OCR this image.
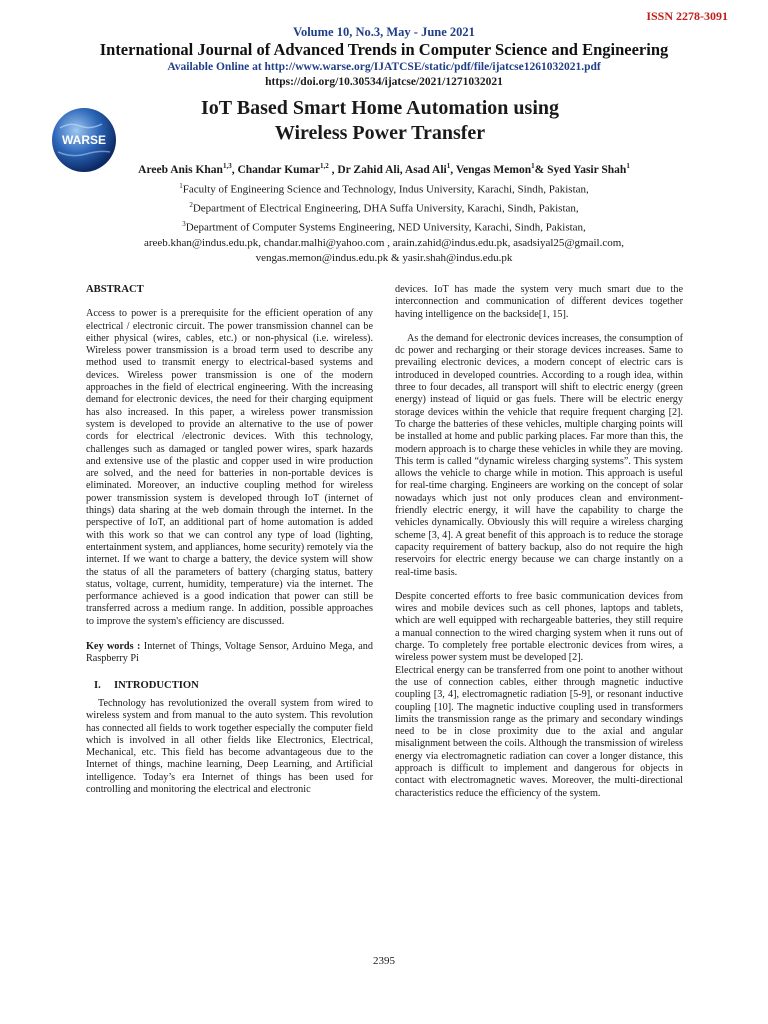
ISSN 2278-3091
Volume 10, No.3, May - June 2021
International Journal of Advanced Trends in Computer Science and Engineering
Available Online at http://www.warse.org/IJATCSE/static/pdf/file/ijatcse1261032021.pdf
https://doi.org/10.30534/ijatcse/2021/1271032021
WARSE
IoT Based Smart Home Automation using
Wireless Power Transfer
Areeb Anis Khan$^{1,3}$, Chandar Kumar$^{1,2}$ , Dr Zahid Ali, Asad Ali$^1$, Vengas Memon$^1$& Syed Yasir Shah$^1$
$^1$Faculty of Engineering Science and Technology, Indus University, Karachi, Sindh, Pakistan,
$^2$Department of Electrical Engineering, DHA Suffa University, Karachi, Sindh, Pakistan,
$^3$Department of Computer Systems Engineering, NED University, Karachi, Sindh, Pakistan,
areeb.khan@indus.edu.pk, chandar.malhi@yahoo.com , arain.zahid@indus.edu.pk, asadsiyal25@gmail.com,
vengas.memon@indus.edu.pk & yasir.shah@indus.edu.pk

ABSTRACT

Access to power is a prerequisite for the efficient operation of any electrical / electronic circuit. The power transmission channel can be either physical (wires, cables, etc.) or non-physical (i.e. wireless). Wireless power transmission is a broad term used to describe any method used to transmit energy to electrical-based systems and devices. Wireless power transmission is one of the modern approaches in the field of electrical engineering. With the increasing demand for electronic devices, the need for their charging equipment has also increased. In this paper, a wireless power transmission system is developed to provide an alternative to the use of power cords for electrical /electronic devices. With this technology, challenges such as damaged or tangled power wires, spark hazards and extensive use of the plastic and copper used in wire production are solved, and the need for batteries in non-portable devices is eliminated. Moreover, an inductive coupling method for wireless power transmission system is developed through IoT (internet of things) data sharing at the web domain through the internet. In the perspective of IoT, an additional part of home automation is added with this work so that we can control any type of load (lighting, entertainment system, and appliances, home security) remotely via the internet. If we want to charge a battery, the device system will show the status of all the parameters of battery (charging status, battery status, voltage, current, humidity, temperature) via the internet. The performance achieved is a good indication that power can still be transferred across a medium range. In addition, possible approaches to improve the system's efficiency are discussed.

Key words : Internet of Things, Voltage Sensor, Arduino Mega, and Raspberry Pi

I. INTRODUCTION

Technology has revolutionized the overall system from wired to wireless system and from manual to the auto system. This revolution has connected all fields to work together especially the computer field which is involved in all other fields like Electronics, Electrical, Mechanical, etc. This field has become advantageous due to the Internet of things, machine learning, Deep Learning, and Artificial intelligence. Today’s era Internet of things has been used for controlling and monitoring the electrical and electronic

devices. IoT has made the system very much smart due to the interconnection and communication of different devices together having intelligence on the backside[1, 15].

As the demand for electronic devices increases, the consumption of dc power and recharging or their storage devices increases. Same to prevailing electronic devices, a modern concept of electric cars is introduced in developed countries. According to a rough idea, within three to four decades, all transport will shift to electric energy (green energy) instead of liquid or gas fuels. There will be electric energy storage devices within the vehicle that require frequent charging [2]. To charge the batteries of these vehicles, multiple charging points will be installed at home and public parking places. Far more than this, the modern approach is to charge these vehicles in while they are moving. This term is called “dynamic wireless charging systems”. This system allows the vehicle to charge while in motion. This approach is useful for real-time charging. Engineers are working on the concept of solar nowadays which just not only produces clean and environment-friendly electric energy, it will have the capability to charge the vehicles dynamically. Obviously this will require a wireless charging scheme [3, 4]. A great benefit of this approach is to reduce the storage capacity requirement of battery backup, also do not require the high reservoirs for electric energy because we can charge instantly on a real-time basis.

Despite concerted efforts to free basic communication devices from wires and mobile devices such as cell phones, laptops and tablets, which are well equipped with rechargeable batteries, they still require a manual connection to the wired charging system when it runs out of charge. To completely free portable electronic devices from wires, a wireless power system must be developed [2].

Electrical energy can be transferred from one point to another without the use of connection cables, either through magnetic inductive coupling [3, 4], electromagnetic radiation [5-9], or resonant inductive coupling [10]. The magnetic inductive coupling used in transformers limits the transmission range as the primary and secondary windings need to be in close proximity due to the axial and angular misalignment between the coils. Although the transmission of wireless energy via electromagnetic radiation can cover a longer distance, this approach is difficult to implement and dangerous for objects in contact with electromagnetic waves. Moreover, the multi-directional characteristics reduce the efficiency of the system.

2395
